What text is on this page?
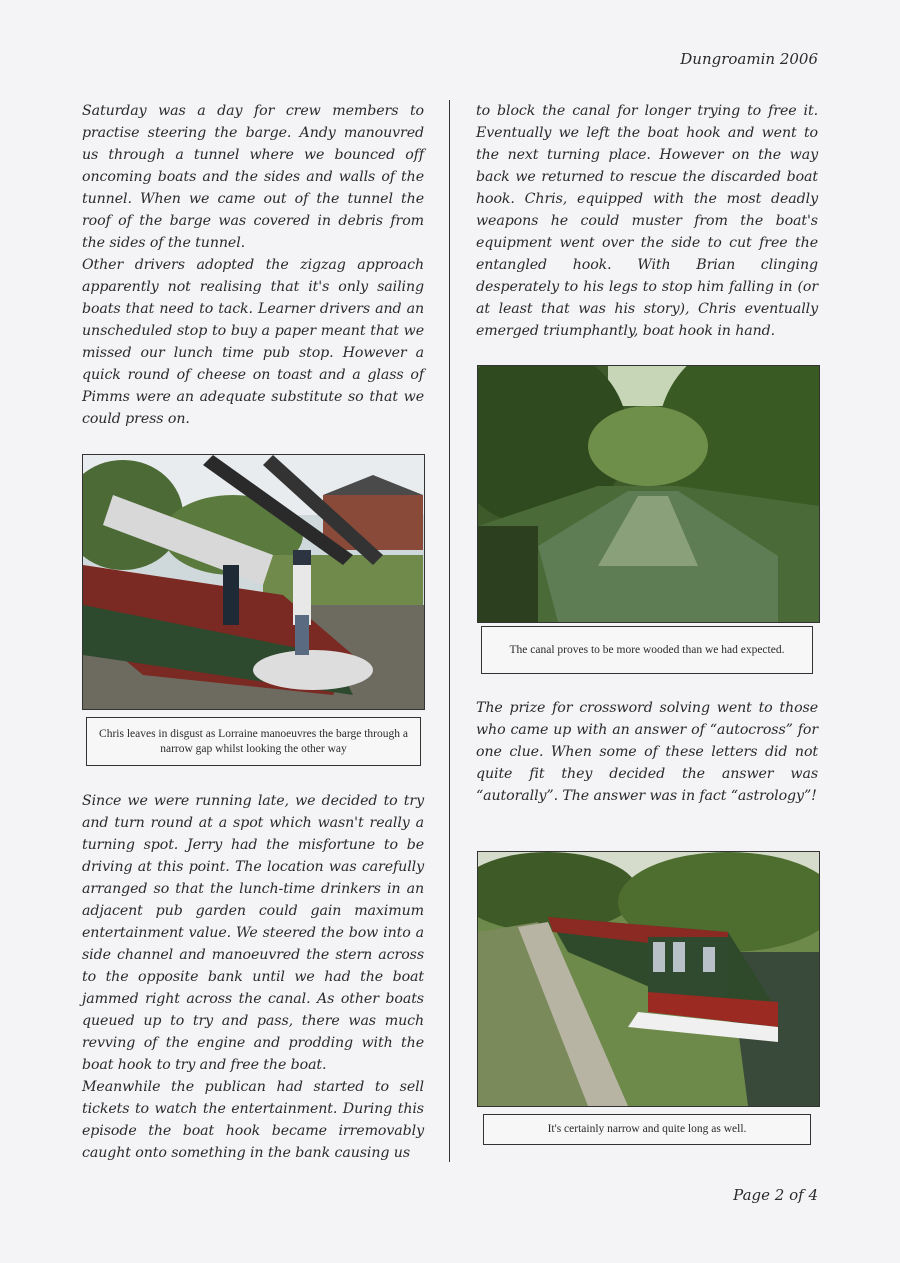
Dungroamin 2006

Saturday was a day for crew members to practise steering the barge. Andy manouvred us through a tunnel where we bounced off oncoming boats and the sides and walls of the tunnel. When we came out of the tunnel the roof of the barge was covered in debris from the sides of the tunnel.

Other drivers adopted the zigzag approach apparently not realising that it's only sailing boats that need to tack. Learner drivers and an unscheduled stop to buy a paper meant that we missed our lunch time pub stop. However a quick round of cheese on toast and a glass of Pimms were an adequate substitute so that we could press on.

Chris leaves in disgust as Lorraine manoeuvres the barge through a narrow gap whilst looking the other way

Since we were running late, we decided to try and turn round at a spot which wasn't really a turning spot. Jerry had the misfortune to be driving at this point. The location was carefully arranged so that the lunch-time drinkers in an adjacent pub garden could gain maximum entertainment value. We steered the bow into a side channel and manoeuvred the stern across to the opposite bank until we had the boat jammed right across the canal. As other boats queued up to try and pass, there was much revving of the engine and prodding with the boat hook to try and free the boat.

Meanwhile the publican had started to sell tickets to watch the entertainment. During this episode the boat hook became irremovably caught onto something in the bank causing us

to block the canal for longer trying to free it. Eventually we left the boat hook and went to the next turning place. However on the way back we returned to rescue the discarded boat hook. Chris, equipped with the most deadly weapons he could muster from the boat's equipment went over the side to cut free the entangled hook. With Brian clinging desperately to his legs to stop him falling in (or at least that was his story), Chris eventually emerged triumphantly, boat hook in hand.

The canal proves to be more wooded than we had expected.

The prize for crossword solving went to those who came up with an answer of “autocross” for one clue. When some of these letters did not quite fit they decided the answer was “autorally”. The answer was in fact “astrology”!

It's certainly narrow and quite long as well.
Page 2 of 4
